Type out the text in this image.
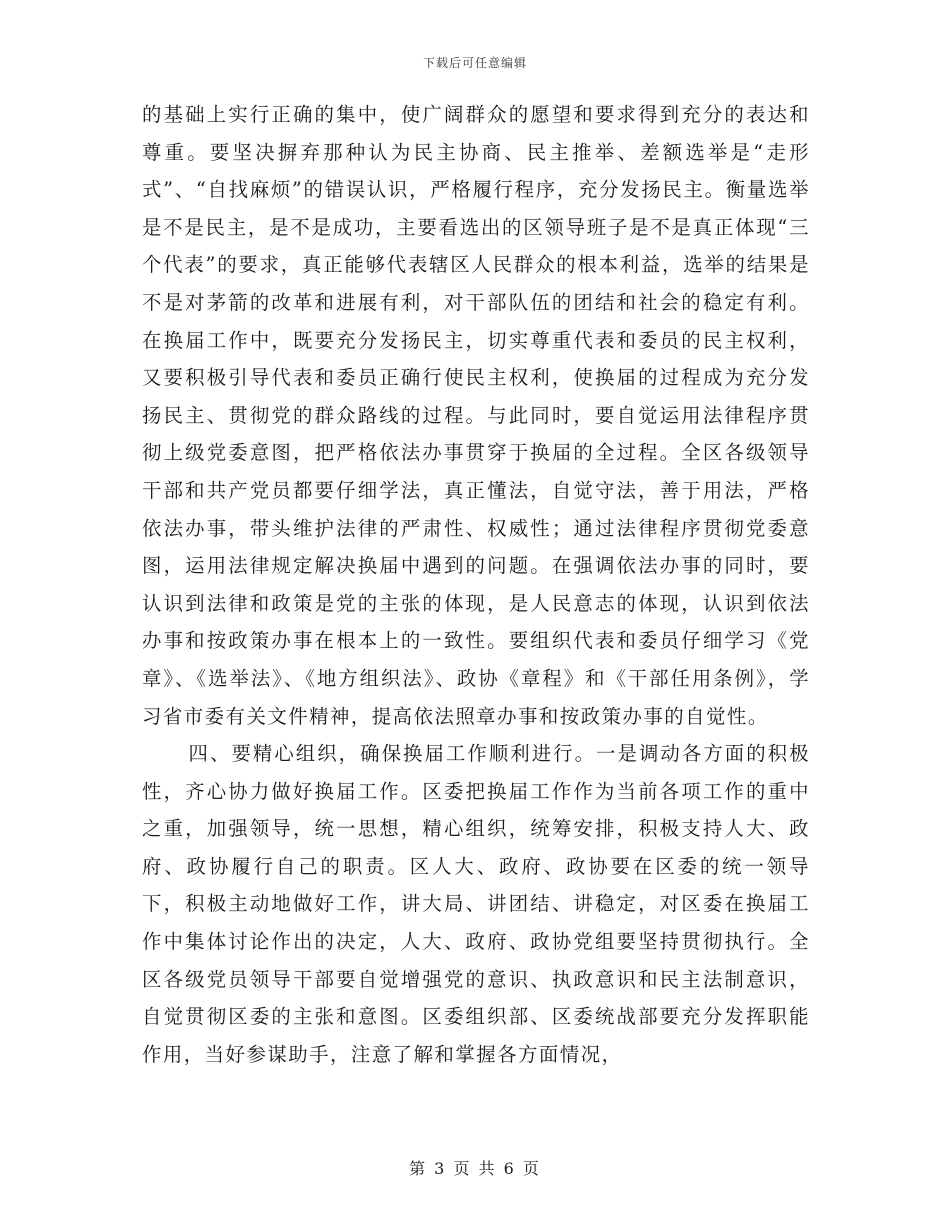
下载后可任意编辑

的基础上实行正确的集中，使广阔群众的愿望和要求得到充分的表达和尊重。要坚决摒弃那种认为民主协商、民主推举、差额选举是“走形式”、“自找麻烦”的错误认识，严格履行程序，充分发扬民主。衡量选举是不是民主，是不是成功，主要看选出的区领导班子是不是真正体现“三个代表”的要求，真正能够代表辖区人民群众的根本利益，选举的结果是不是对茅箭的改革和进展有利，对干部队伍的团结和社会的稳定有利。在换届工作中，既要充分发扬民主，切实尊重代表和委员的民主权利，又要积极引导代表和委员正确行使民主权利，使换届的过程成为充分发扬民主、贯彻党的群众路线的过程。与此同时，要自觉运用法律程序贯彻上级党委意图，把严格依法办事贯穿于换届的全过程。全区各级领导干部和共产党员都要仔细学法，真正懂法，自觉守法，善于用法，严格依法办事，带头维护法律的严肃性、权威性；通过法律程序贯彻党委意图，运用法律规定解决换届中遇到的问题。在强调依法办事的同时，要认识到法律和政策是党的主张的体现，是人民意志的体现，认识到依法办事和按政策办事在根本上的一致性。要组织代表和委员仔细学习《党章》、《选举法》、《地方组织法》、政协《章程》和《干部任用条例》，学习省市委有关文件精神，提高依法照章办事和按政策办事的自觉性。

四、要精心组织，确保换届工作顺利进行。一是调动各方面的积极性，齐心协力做好换届工作。区委把换届工作作为当前各项工作的重中之重，加强领导，统一思想，精心组织，统筹安排，积极支持人大、政府、政协履行自己的职责。区人大、政府、政协要在区委的统一领导下，积极主动地做好工作，讲大局、讲团结、讲稳定，对区委在换届工作中集体讨论作出的决定，人大、政府、政协党组要坚持贯彻执行。全区各级党员领导干部要自觉增强党的意识、执政意识和民主法制意识，自觉贯彻区委的主张和意图。区委组织部、区委统战部要充分发挥职能作用，当好参谋助手，注意了解和掌握各方面情况，

第 3 页 共 6 页
